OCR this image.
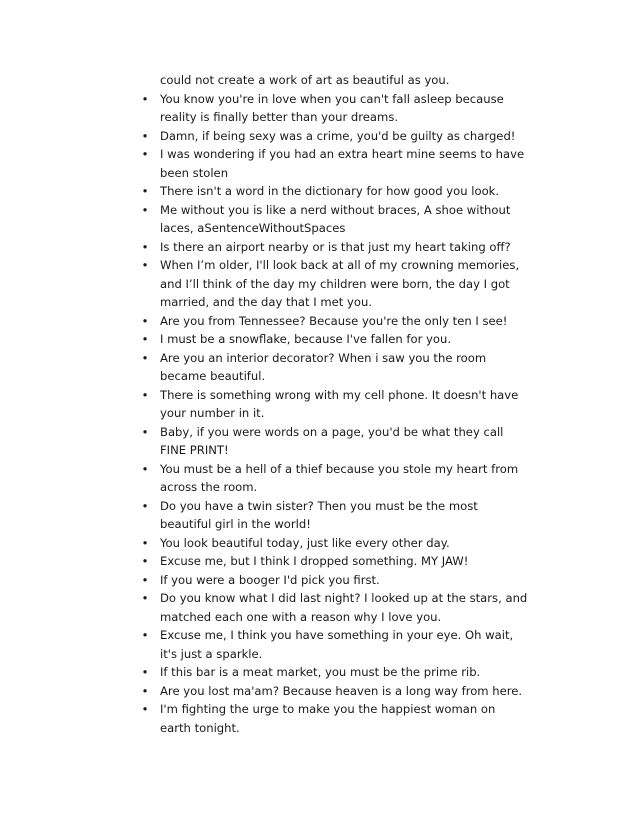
could not create a work of art as beautiful as you.

• You know you're in love when you can't fall asleep because reality is finally better than your dreams.
• Damn, if being sexy was a crime, you'd be guilty as charged!
• I was wondering if you had an extra heart mine seems to have been stolen
• There isn't a word in the dictionary for how good you look.
• Me without you is like a nerd without braces, A shoe without laces, aSentenceWithoutSpaces
• Is there an airport nearby or is that just my heart taking off?
• When I’m older, I'll look back at all of my crowning memories, and I’ll think of the day my children were born, the day I got married, and the day that I met you.
• Are you from Tennessee? Because you're the only ten I see!
• I must be a snowflake, because I've fallen for you.
• Are you an interior decorator? When i saw you the room became beautiful.
• There is something wrong with my cell phone. It doesn't have your number in it.
• Baby, if you were words on a page, you'd be what they call FINE PRINT!
• You must be a hell of a thief because you stole my heart from across the room.
• Do you have a twin sister? Then you must be the most beautiful girl in the world!
• You look beautiful today, just like every other day.
• Excuse me, but I think I dropped something. MY JAW!
• If you were a booger I'd pick you first.
• Do you know what I did last night? I looked up at the stars, and matched each one with a reason why I love you.
• Excuse me, I think you have something in your eye. Oh wait, it's just a sparkle.
• If this bar is a meat market, you must be the prime rib.
• Are you lost ma'am? Because heaven is a long way from here.
• I'm fighting the urge to make you the happiest woman on earth tonight.
